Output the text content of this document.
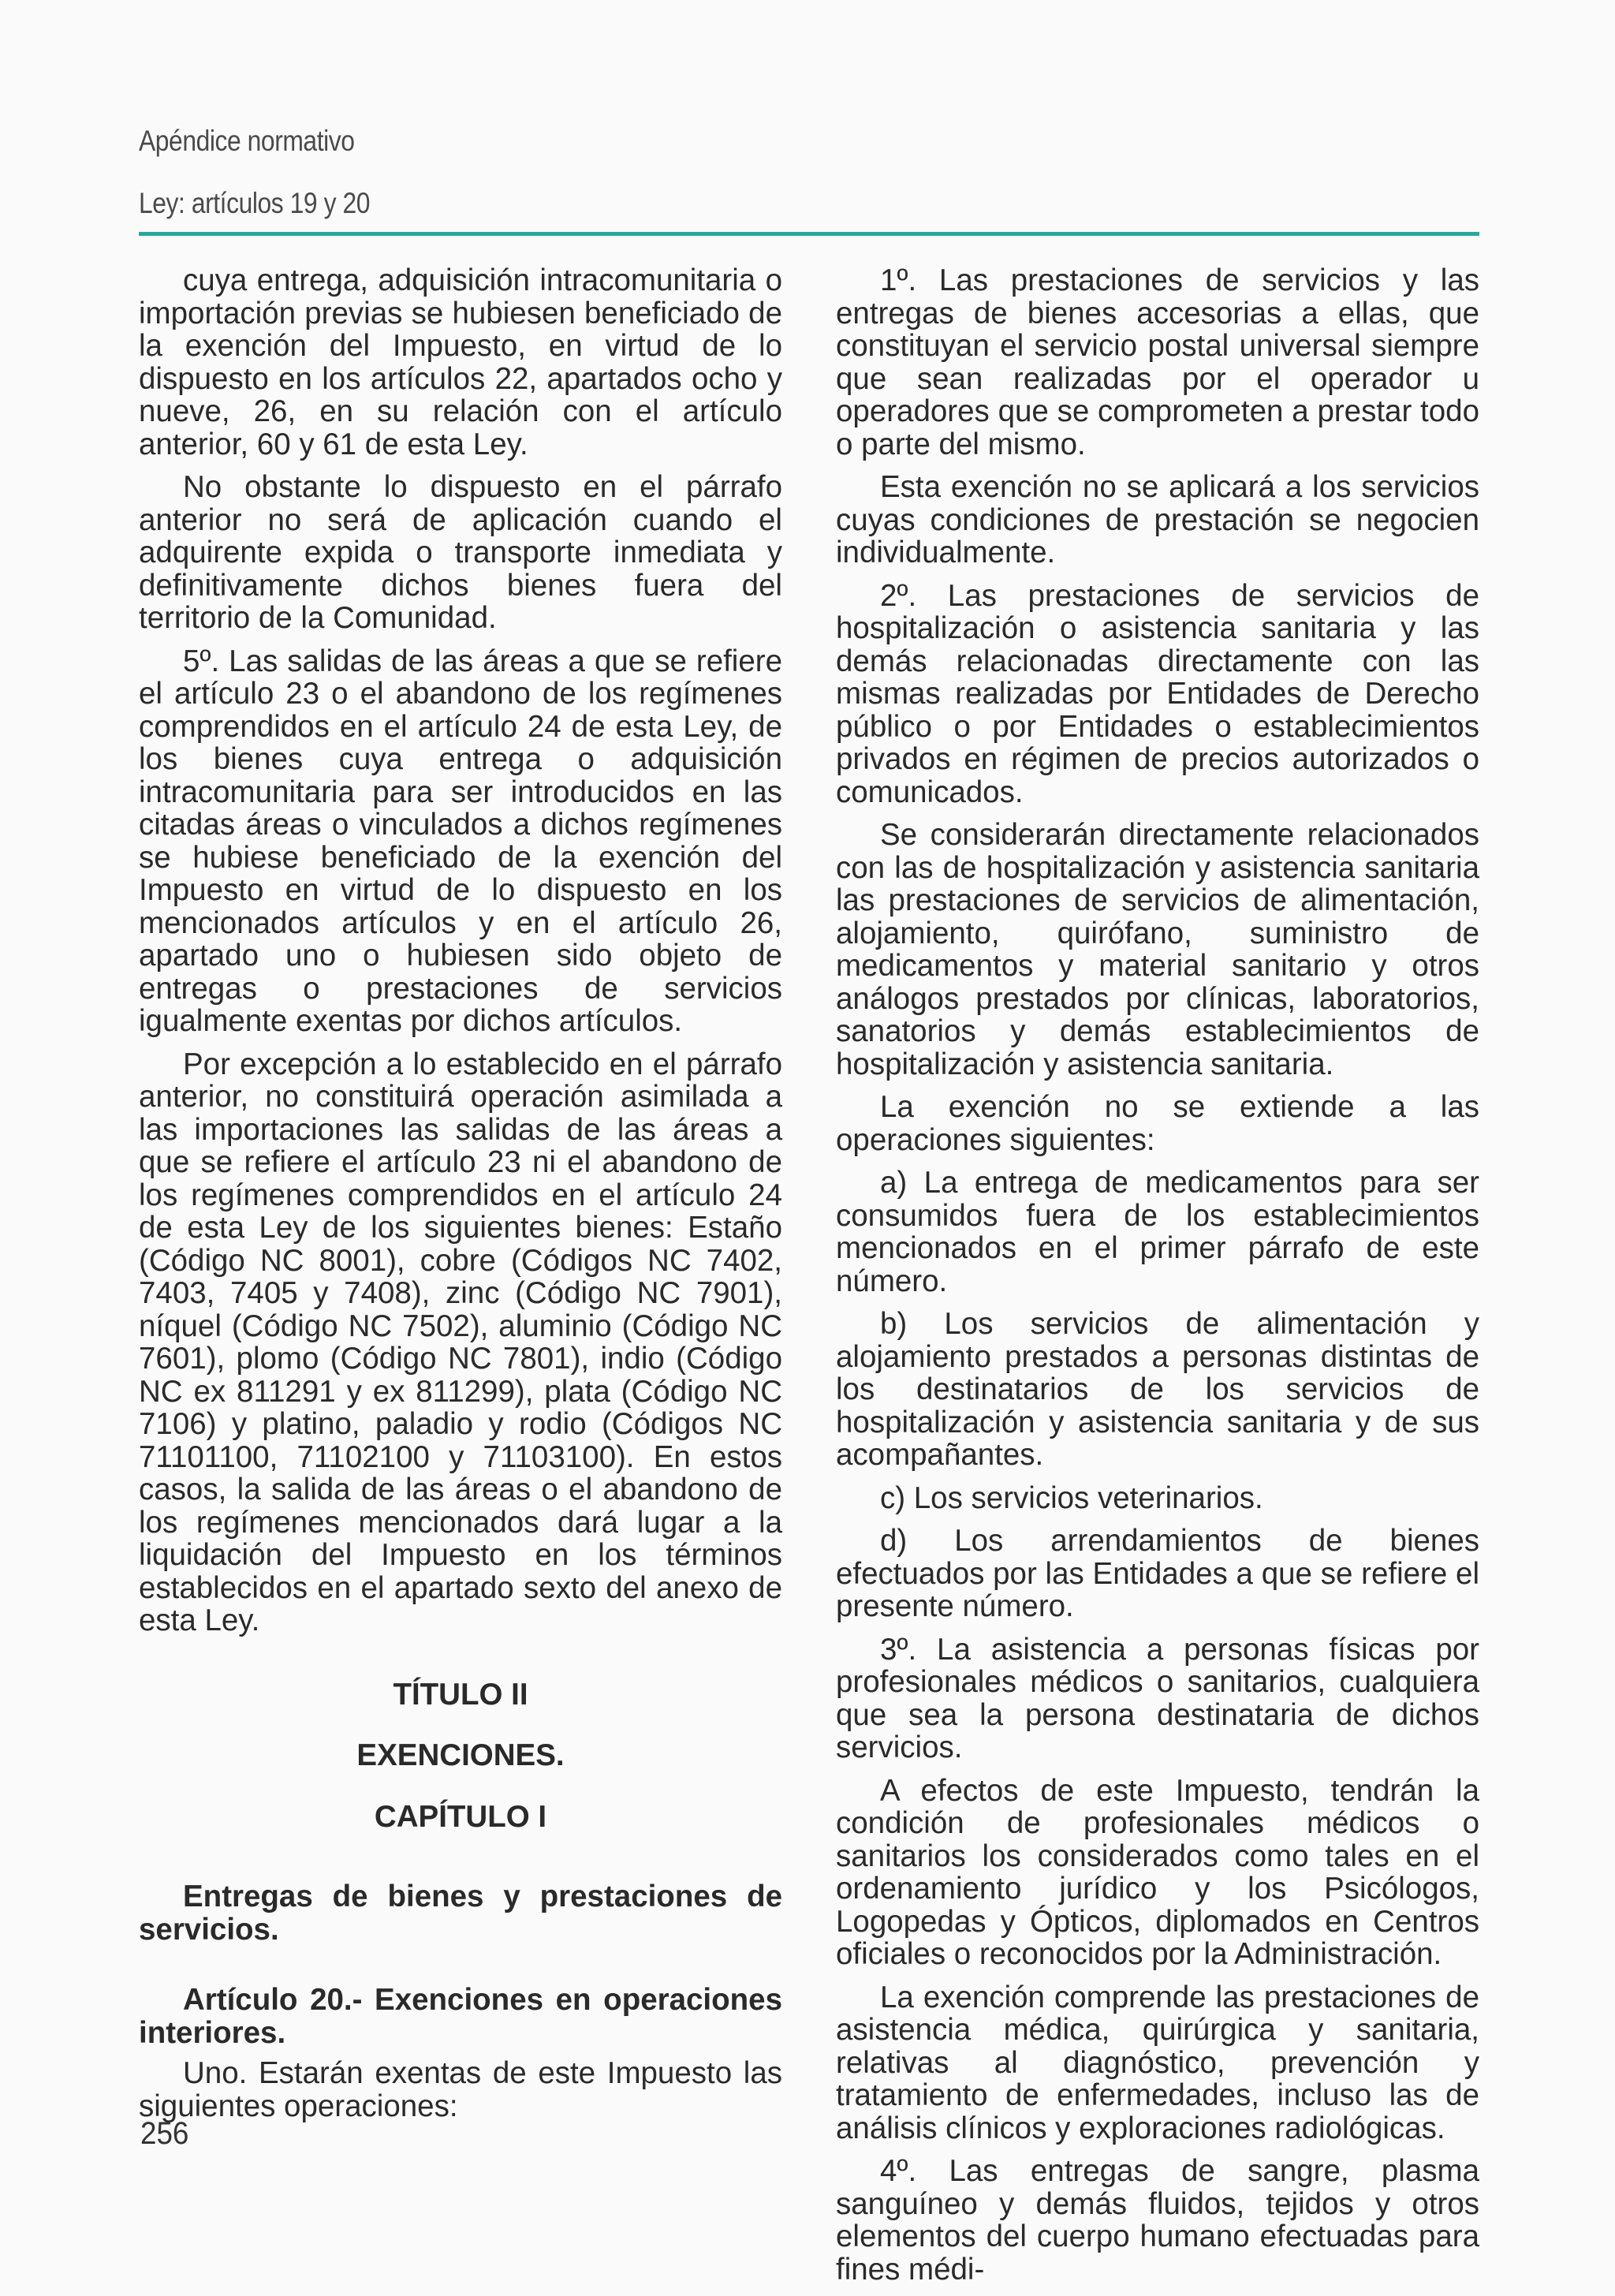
Apéndice normativo
Ley: artículos 19 y 20

cuya entrega, adquisición intracomunitaria o importación previas se hubiesen beneficiado de la exención del Impuesto, en virtud de lo dispuesto en los artículos 22, apartados ocho y nueve, 26, en su relación con el artículo anterior, 60 y 61 de esta Ley.

No obstante lo dispuesto en el párrafo anterior no será de aplicación cuando el adquirente expida o transporte inmediata y definitivamente dichos bienes fuera del territorio de la Comunidad.

5º. Las salidas de las áreas a que se refiere el artículo 23 o el abandono de los regímenes comprendidos en el artículo 24 de esta Ley, de los bienes cuya entrega o adquisición intracomunitaria para ser introducidos en las citadas áreas o vinculados a dichos regímenes se hubiese beneficiado de la exención del Impuesto en virtud de lo dispuesto en los mencionados artículos y en el artículo 26, apartado uno o hubiesen sido objeto de entregas o prestaciones de servicios igualmente exentas por dichos artículos.

Por excepción a lo establecido en el párrafo anterior, no constituirá operación asimilada a las importaciones las salidas de las áreas a que se refiere el artículo 23 ni el abandono de los regímenes comprendidos en el artículo 24 de esta Ley de los siguientes bienes: Estaño (Código NC 8001), cobre (Códigos NC 7402, 7403, 7405 y 7408), zinc (Código NC 7901), níquel (Código NC 7502), aluminio (Código NC 7601), plomo (Código NC 7801), indio (Código NC ex 811291 y ex 811299), plata (Código NC 7106) y platino, paladio y rodio (Códigos NC 71101100, 71102100 y 71103100). En estos casos, la salida de las áreas o el abandono de los regímenes mencionados dará lugar a la liquidación del Impuesto en los términos establecidos en el apartado sexto del anexo de esta Ley.

TÍTULO II

EXENCIONES.

CAPÍTULO I

Entregas de bienes y prestaciones de servicios.

Artículo 20.- Exenciones en operaciones interiores.

Uno. Estarán exentas de este Impuesto las siguientes operaciones:

1º. Las prestaciones de servicios y las entregas de bienes accesorias a ellas, que constituyan el servicio postal universal siempre que sean realizadas por el operador u operadores que se comprometen a prestar todo o parte del mismo.

Esta exención no se aplicará a los servicios cuyas condiciones de prestación se negocien individualmente.

2º. Las prestaciones de servicios de hospitalización o asistencia sanitaria y las demás relacionadas directamente con las mismas realizadas por Entidades de Derecho público o por Entidades o establecimientos privados en régimen de precios autorizados o comunicados.

Se considerarán directamente relacionados con las de hospitalización y asistencia sanitaria las prestaciones de servicios de alimentación, alojamiento, quirófano, suministro de medicamentos y material sanitario y otros análogos prestados por clínicas, laboratorios, sanatorios y demás establecimientos de hospitalización y asistencia sanitaria.

La exención no se extiende a las operaciones siguientes:

a) La entrega de medicamentos para ser consumidos fuera de los establecimientos mencionados en el primer párrafo de este número.

b) Los servicios de alimentación y alojamiento prestados a personas distintas de los destinatarios de los servicios de hospitalización y asistencia sanitaria y de sus acompañantes.

c) Los servicios veterinarios.

d) Los arrendamientos de bienes efectuados por las Entidades a que se refiere el presente número.

3º. La asistencia a personas físicas por profesionales médicos o sanitarios, cualquiera que sea la persona destinataria de dichos servicios.

A efectos de este Impuesto, tendrán la condición de profesionales médicos o sanitarios los considerados como tales en el ordenamiento jurídico y los Psicólogos, Logopedas y Ópticos, diplomados en Centros oficiales o reconocidos por la Administración.

La exención comprende las prestaciones de asistencia médica, quirúrgica y sanitaria, relativas al diagnóstico, prevención y tratamiento de enfermedades, incluso las de análisis clínicos y exploraciones radiológicas.

4º. Las entregas de sangre, plasma sanguíneo y demás fluidos, tejidos y otros elementos del cuerpo humano efectuadas para fines médi-

256
